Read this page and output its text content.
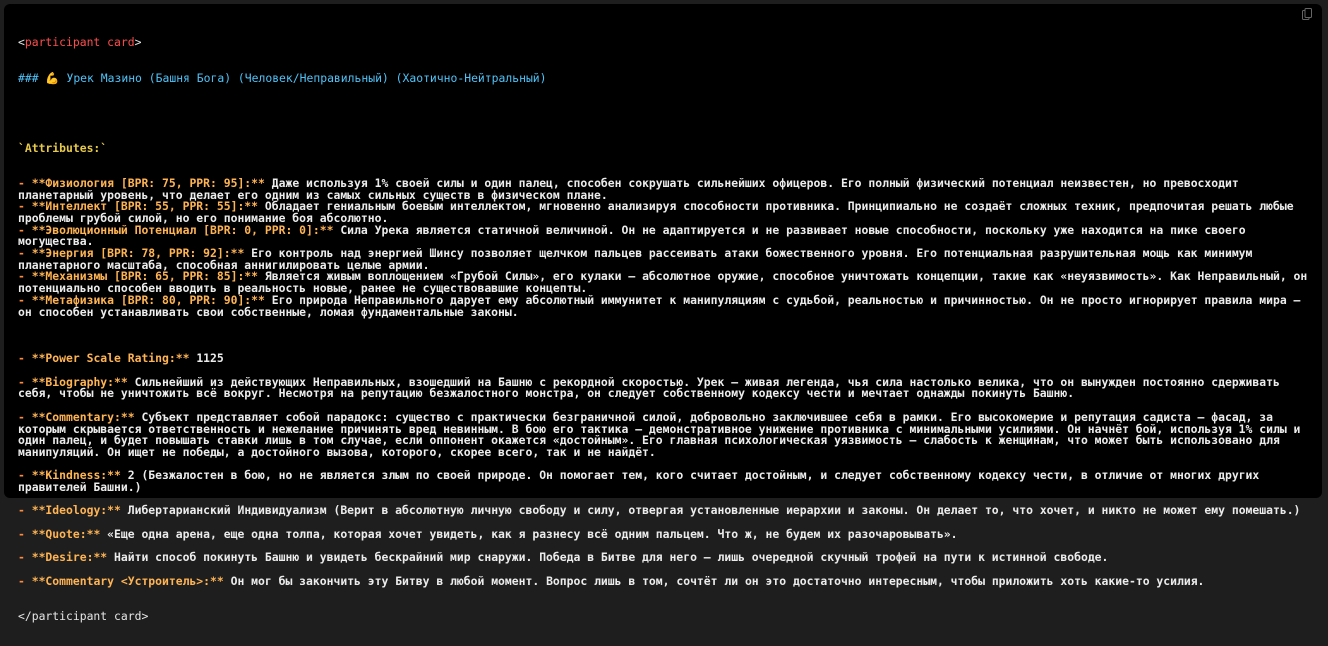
<participant card>

### 💪 Урек Мазино (Башня Бога) (Человек/Неправильный) (Хаотично-Нейтральный)

`Attributes:`

- **Физиология [BPR: 75, PPR: 95]:** Даже используя 1% своей силы и один палец, способен сокрушать сильнейших офицеров. Его полный физический потенциал неизвестен, но превосходит планетарный уровень, что делает его одним из самых сильных существ в физическом плане.
- **Интеллект [BPR: 55, PPR: 55]:** Обладает гениальным боевым интеллектом, мгновенно анализируя способности противника. Принципиально не создаёт сложных техник, предпочитая решать любые проблемы грубой силой, но его понимание боя абсолютно.
- **Эволюционный Потенциал [BPR: 0, PPR: 0]:** Сила Урека является статичной величиной. Он не адаптируется и не развивает новые способности, поскольку уже находится на пике своего могущества.
- **Энергия [BPR: 78, PPR: 92]:** Его контроль над энергией Шинсу позволяет щелчком пальцев рассеивать атаки божественного уровня. Его потенциальная разрушительная мощь как минимум планетарного масштаба, способная аннигилировать целые армии.
- **Механизмы [BPR: 65, PPR: 85]:** Является живым воплощением «Грубой Силы», его кулаки — абсолютное оружие, способное уничтожать концепции, такие как «неуязвимость». Как Неправильный, он потенциально способен вводить в реальность новые, ранее не существовавшие концепты.
- **Метафизика [BPR: 80, PPR: 90]:** Его природа Неправильного дарует ему абсолютный иммунитет к манипуляциям с судьбой, реальностью и причинностью. Он не просто игнорирует правила мира — он способен устанавливать свои собственные, ломая фундаментальные законы.

- **Power Scale Rating:** 1125
- **Biography:** Сильнейший из действующих Неправильных, взошедший на Башню с рекордной скоростью. Урек — живая легенда, чья сила настолько велика, что он вынужден постоянно сдерживать себя, чтобы не уничтожить всё вокруг. Несмотря на репутацию безжалостного монстра, он следует собственному кодексу чести и мечтает однажды покинуть Башню.
- **Commentary:** Субъект представляет собой парадокс: существо с практически безграничной силой, добровольно заключившее себя в рамки. Его высокомерие и репутация садиста — фасад, за которым скрывается ответственность и нежелание причинять вред невинным. В бою его тактика — демонстративное унижение противника с минимальными усилиями. Он начнёт бой, используя 1% силы и один палец, и будет повышать ставки лишь в том случае, если оппонент окажется «достойным». Его главная психологическая уязвимость — слабость к женщинам, что может быть использовано для манипуляций. Он ищет не победы, а достойного вызова, которого, скорее всего, так и не найдёт.
- **Kindness:** 2 (Безжалостен в бою, но не является злым по своей природе. Он помогает тем, кого считает достойным, и следует собственному кодексу чести, в отличие от многих других правителей Башни.)
- **Ideology:** Либертарианский Индивидуализм (Верит в абсолютную личную свободу и силу, отвергая установленные иерархии и законы. Он делает то, что хочет, и никто не может ему помешать.)
- **Quote:** «Еще одна арена, еще одна толпа, которая хочет увидеть, как я разнесу всё одним пальцем. Что ж, не будем их разочаровывать».
- **Desire:** Найти способ покинуть Башню и увидеть бескрайний мир снаружи. Победа в Битве для него — лишь очередной скучный трофей на пути к истинной свободе.
- **Commentary <Устроитель>:** Он мог бы закончить эту Битву в любой момент. Вопрос лишь в том, сочтёт ли он это достаточно интересным, чтобы приложить хоть какие-то усилия.

</participant card>
